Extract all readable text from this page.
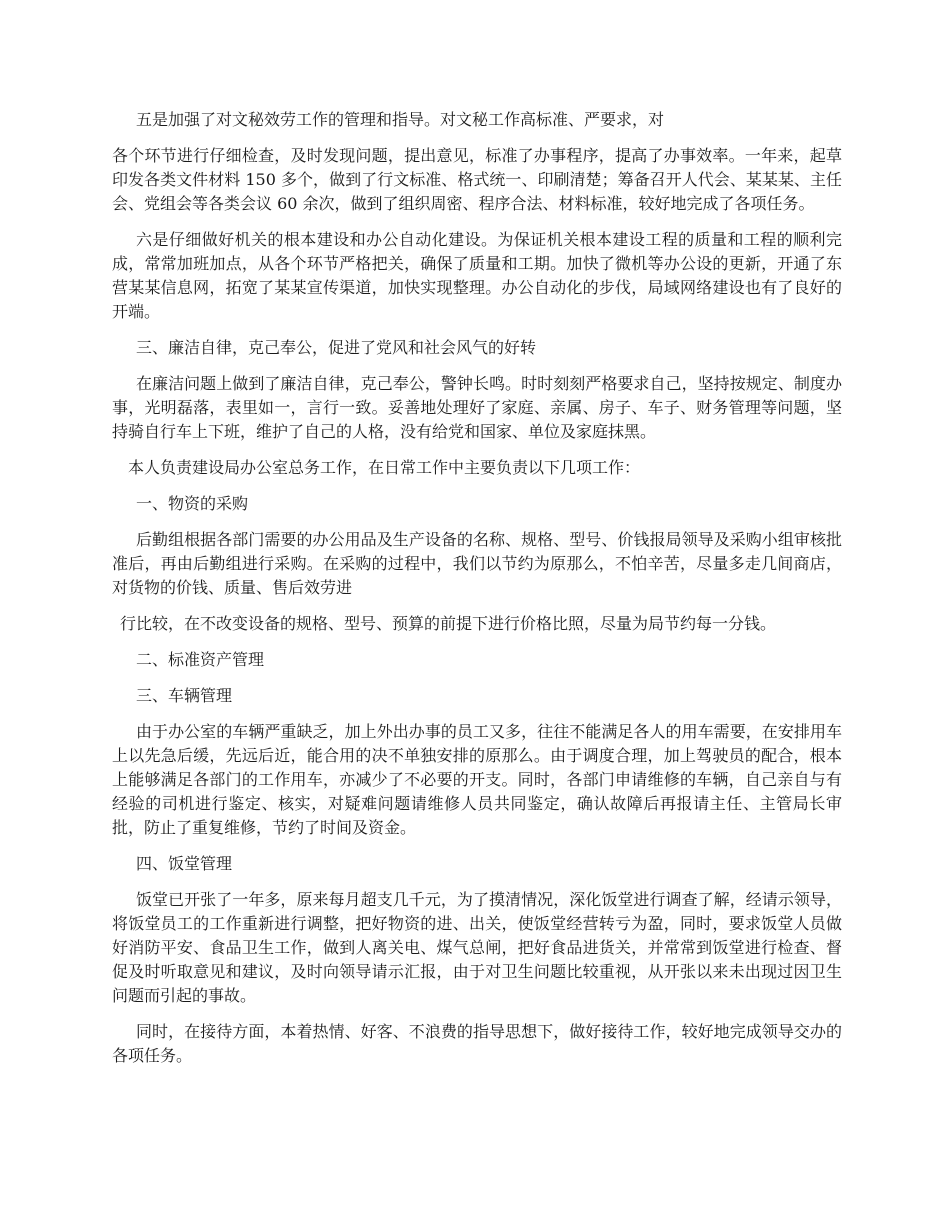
五是加强了对文秘效劳工作的管理和指导。对文秘工作高标准、严要求，对

各个环节进行仔细检查，及时发现问题，提出意见，标准了办事程序，提高了办事效率。一年来，起草印发各类文件材料 150 多个，做到了行文标准、格式统一、印刷清楚；筹备召开人代会、某某某、主任会、党组会等各类会议 60 余次，做到了组织周密、程序合法、材料标准，较好地完成了各项任务。

六是仔细做好机关的根本建设和办公自动化建设。为保证机关根本建设工程的质量和工程的顺利完成，常常加班加点，从各个环节严格把关，确保了质量和工期。加快了微机等办公设的更新，开通了东营某某信息网，拓宽了某某宣传渠道，加快实现整理。办公自动化的步伐，局域网络建设也有了良好的开端。

三、廉洁自律，克己奉公，促进了党风和社会风气的好转

在廉洁问题上做到了廉洁自律，克己奉公，警钟长鸣。时时刻刻严格要求自己，坚持按规定、制度办事，光明磊落，表里如一，言行一致。妥善地处理好了家庭、亲属、房子、车子、财务管理等问题，坚持骑自行车上下班，维护了自己的人格，没有给党和国家、单位及家庭抹黑。

本人负责建设局办公室总务工作，在日常工作中主要负责以下几项工作：

一、物资的采购

后勤组根据各部门需要的办公用品及生产设备的名称、规格、型号、价钱报局领导及采购小组审核批准后，再由后勤组进行采购。在采购的过程中，我们以节约为原那么，不怕辛苦，尽量多走几间商店，对货物的价钱、质量、售后效劳进

行比较，在不改变设备的规格、型号、预算的前提下进行价格比照，尽量为局节约每一分钱。

二、标准资产管理

三、车辆管理

由于办公室的车辆严重缺乏，加上外出办事的员工又多，往往不能满足各人的用车需要，在安排用车上以先急后缓，先远后近，能合用的决不单独安排的原那么。由于调度合理，加上驾驶员的配合，根本上能够满足各部门的工作用车，亦减少了不必要的开支。同时，各部门申请维修的车辆，自己亲自与有经验的司机进行鉴定、核实，对疑难问题请维修人员共同鉴定，确认故障后再报请主任、主管局长审批，防止了重复维修，节约了时间及资金。

四、饭堂管理

饭堂已开张了一年多，原来每月超支几千元，为了摸清情况，深化饭堂进行调查了解，经请示领导，将饭堂员工的工作重新进行调整，把好物资的进、出关，使饭堂经营转亏为盈，同时，要求饭堂人员做好消防平安、食品卫生工作，做到人离关电、煤气总闸，把好食品进货关，并常常到饭堂进行检查、督促及时听取意见和建议，及时向领导请示汇报，由于对卫生问题比较重视，从开张以来未出现过因卫生问题而引起的事故。

同时，在接待方面，本着热情、好客、不浪费的指导思想下，做好接待工作，较好地完成领导交办的各项任务。
